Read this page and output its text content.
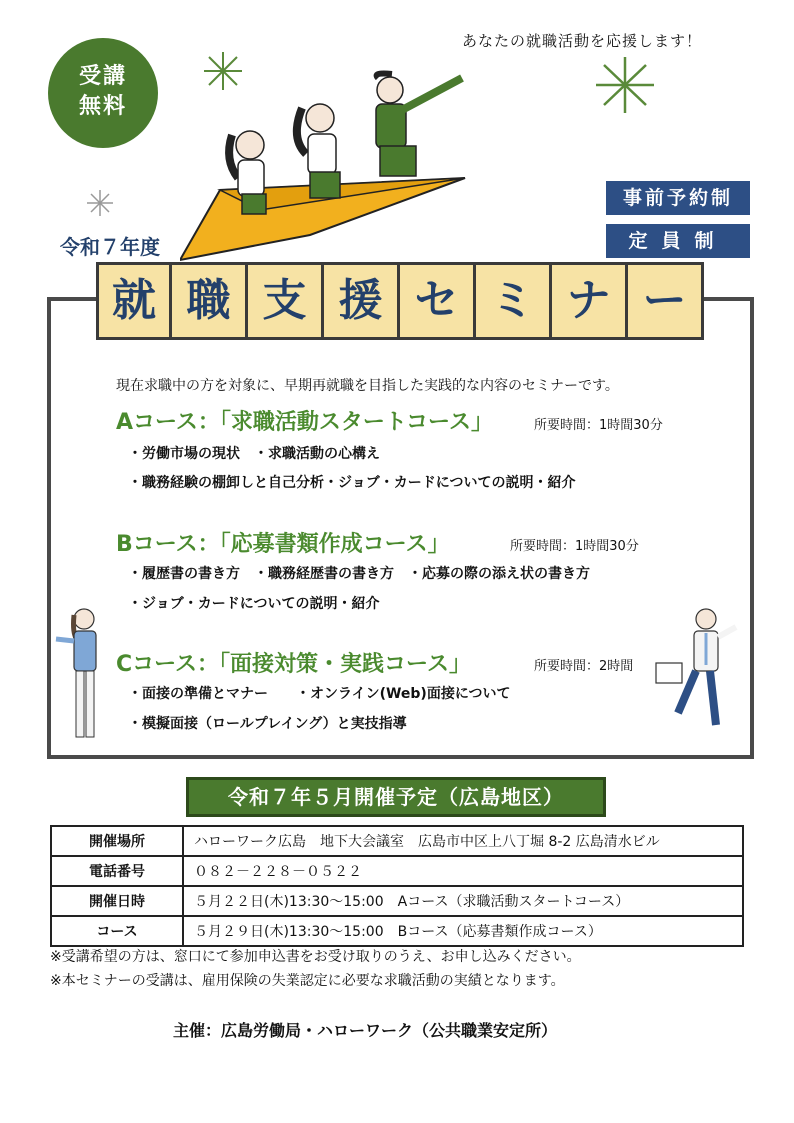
あなたの就職活動を応援します！
受講
無料
令和７年度
事前予約制
定員制
就 職 支 援 セ ミ ナ ー
現在求職中の方を対象に、早期再就職を目指した実践的な内容のセミナーです。
Aコース：「求職活動スタートコース」	所要時間：1時間30分
・労働市場の現状　・求職活動の心構え
・職務経験の棚卸しと自己分析・ジョブ・カードについての説明・紹介
Bコース：「応募書類作成コース」	所要時間：1時間30分
・履歴書の書き方　・職務経歴書の書き方　・応募の際の添え状の書き方
・ジョブ・カードについての説明・紹介
Cコース：「面接対策・実践コース」	所要時間：2時間
・面接の準備とマナー　　・オンライン(Web)面接について
・模擬面接（ロールプレイング）と実技指導
令和７年５月開催予定（広島地区）
開催場所	ハローワーク広島　地下大会議室　広島市中区上八丁堀 8-2 広島清水ビル
電話番号	０８２－２２８－０５２２
開催日時	５月２２日(木)13:30～15:00　Aコース（求職活動スタートコース）
コース	５月２９日(木)13:30～15:00　Bコース（応募書類作成コース）
※受講希望の方は、窓口にて参加申込書をお受け取りのうえ、お申し込みください。
※本セミナーの受講は、雇用保険の失業認定に必要な求職活動の実績となります。
主催：広島労働局・ハローワーク（公共職業安定所）
